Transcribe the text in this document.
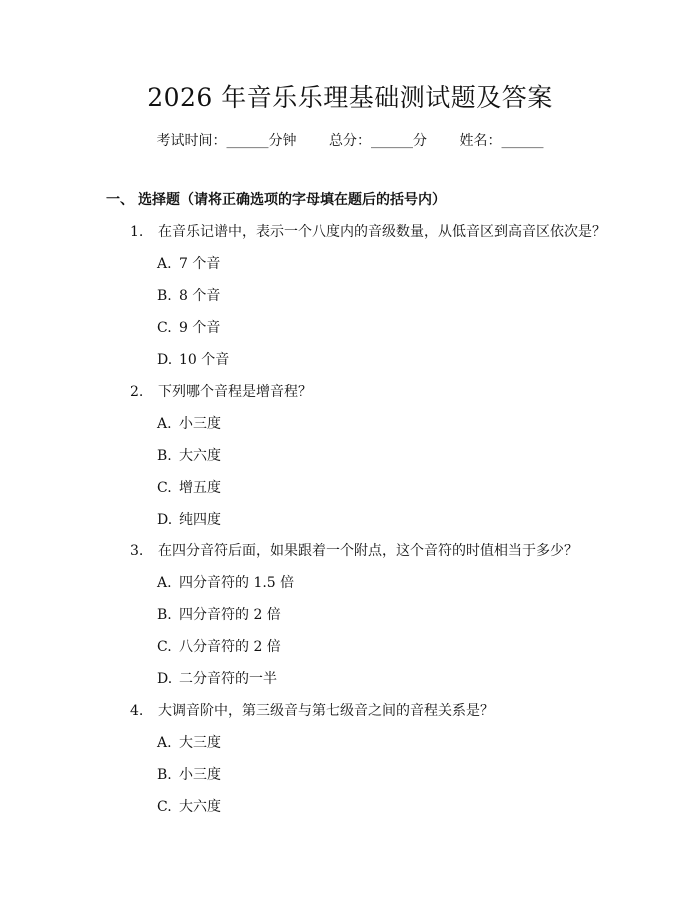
2026 年音乐乐理基础测试题及答案
考试时间：______分钟 总分：______分 姓名：______
一、 选择题（请将正确选项的字母填在题后的括号内）
1. 在音乐记谱中，表示一个八度内的音级数量，从低音区到高音区依次是？
A. 7 个音
B. 8 个音
C. 9 个音
D. 10 个音
2. 下列哪个音程是增音程？
A. 小三度
B. 大六度
C. 增五度
D. 纯四度
3. 在四分音符后面，如果跟着一个附点，这个音符的时值相当于多少？
A. 四分音符的 1.5 倍
B. 四分音符的 2 倍
C. 八分音符的 2 倍
D. 二分音符的一半
4. 大调音阶中，第三级音与第七级音之间的音程关系是？
A. 大三度
B. 小三度
C. 大六度
